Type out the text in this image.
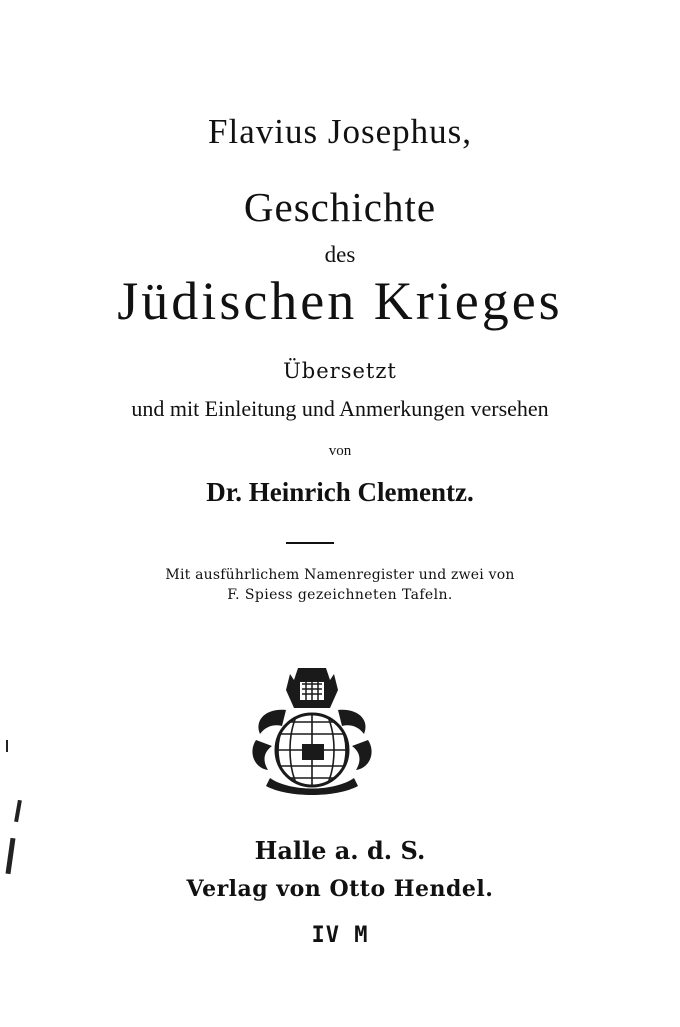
Flavius Josephus,
Geschichte
des
Jüdischen Krieges
Übersetzt
und mit Einleitung und Anmerkungen versehen
von
Dr. Heinrich Clementz.
Mit ausführlichem Namenregister und zwei von
F. Spiess gezeichneten Tafeln.
Halle a. d. S.
Verlag von Otto Hendel.
IV M
